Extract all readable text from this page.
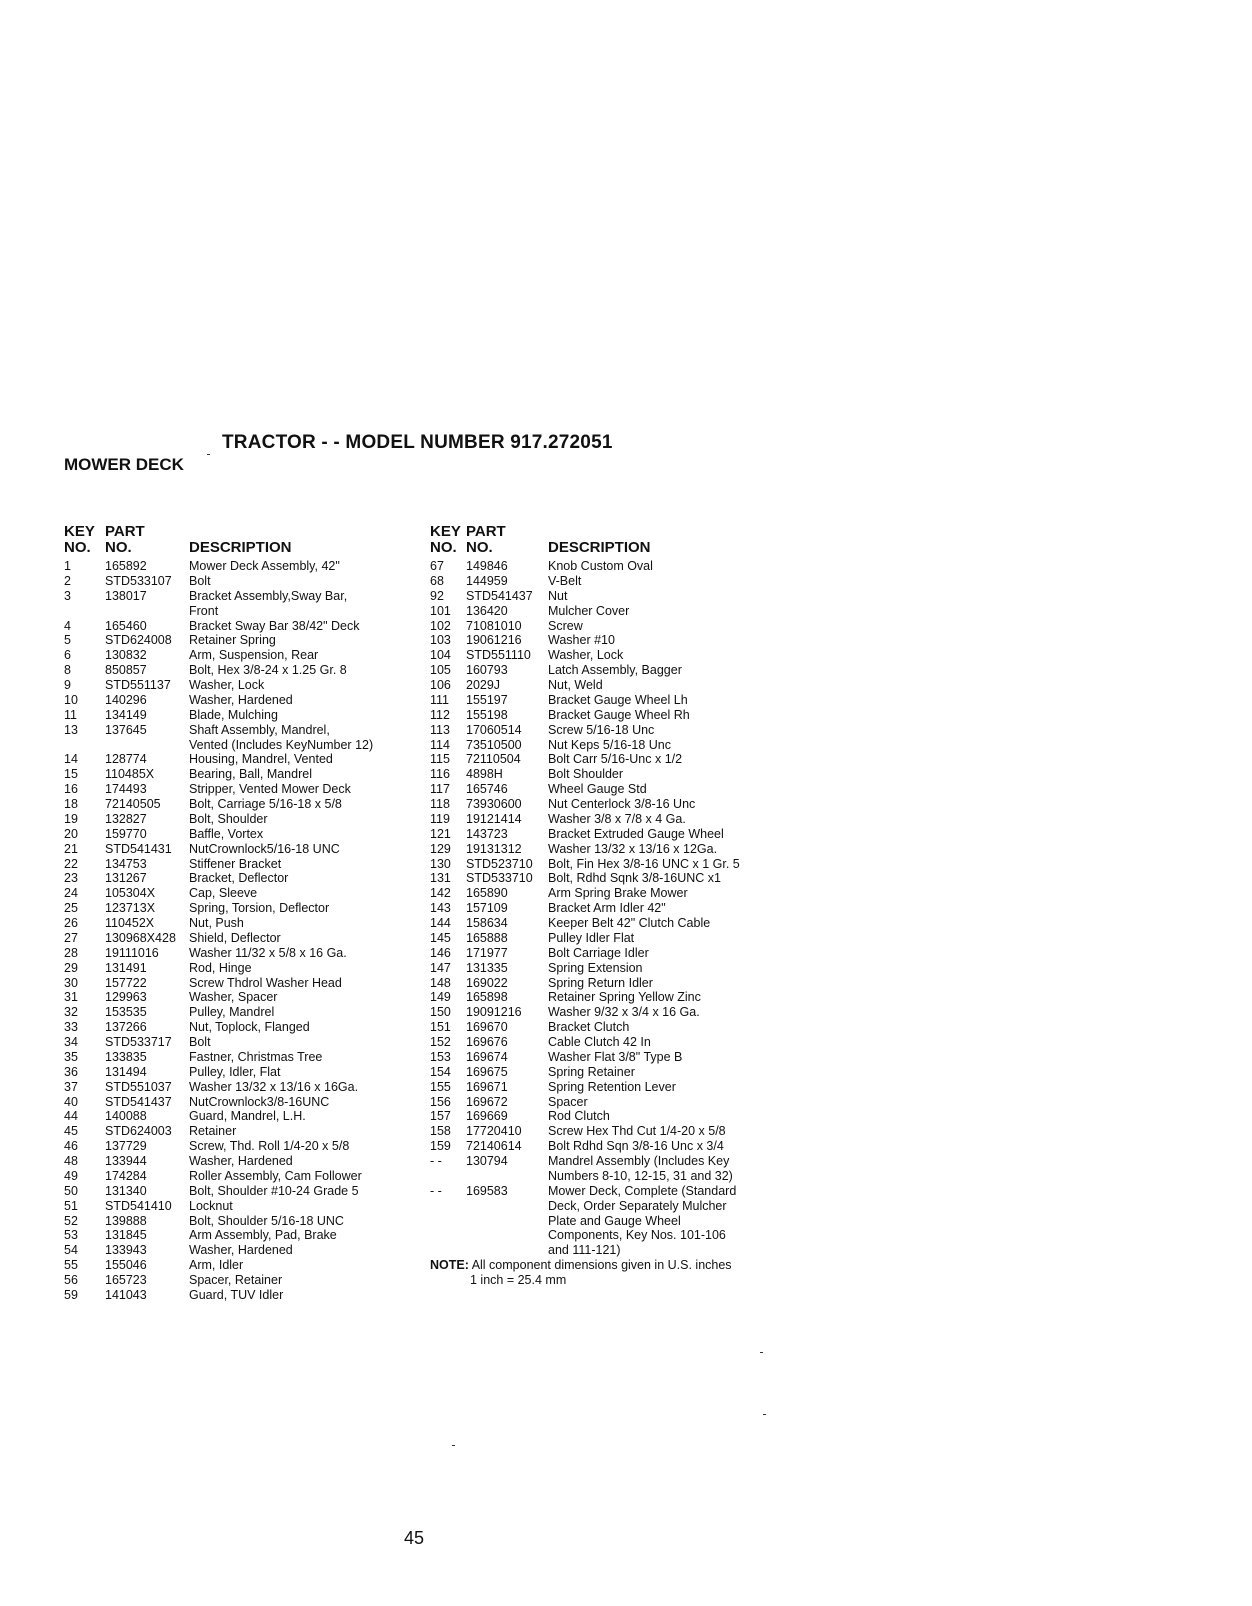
TRACTOR - - MODEL NUMBER 917.272051
MOWER DECK
KEY
NO.
PART
NO.	DESCRIPTION
1	165892	Mower Deck Assembly, 42"
2	STD533107	Bolt
3	138017	Bracket Assembly,Sway Bar,
Front
4	165460	Bracket Sway Bar 38/42" Deck
5	STD624008	Retainer Spring
6	130832	Arm, Suspension, Rear
8	850857	Bolt, Hex 3/8-24 x 1.25 Gr. 8
9	STD551137	Washer, Lock
10	140296	Washer, Hardened
11	134149	Blade, Mulching
13	137645	Shaft Assembly, Mandrel,
Vented (Includes KeyNumber 12)
14	128774	Housing, Mandrel, Vented
15	110485X	Bearing, Ball, Mandrel
16	174493	Stripper, Vented Mower Deck
18	72140505	Bolt, Carriage 5/16-18 x 5/8
19	132827	Bolt, Shoulder
20	159770	Baffle, Vortex
21	STD541431	NutCrownlock5/16-18 UNC
22	134753	Stiffener Bracket
23	131267	Bracket, Deflector
24	105304X	Cap, Sleeve
25	123713X	Spring, Torsion, Deflector
26	110452X	Nut, Push
27	130968X428	Shield, Deflector
28	19111016	Washer 11/32 x 5/8 x 16 Ga.
29	131491	Rod, Hinge
30	157722	Screw Thdrol Washer Head
31	129963	Washer, Spacer
32	153535	Pulley, Mandrel
33	137266	Nut, Toplock, Flanged
34	STD533717	Bolt
35	133835	Fastner, Christmas Tree
36	131494	Pulley, Idler, Flat
37	STD551037	Washer 13/32 x 13/16 x 16Ga.
40	STD541437	NutCrownlock3/8-16UNC
44	140088	Guard, Mandrel, L.H.
45	STD624003	Retainer
46	137729	Screw, Thd. Roll 1/4-20 x 5/8
48	133944	Washer, Hardened
49	174284	Roller Assembly, Cam Follower
50	131340	Bolt, Shoulder #10-24 Grade 5
51	STD541410	Locknut
52	139888	Bolt, Shoulder 5/16-18 UNC
53	131845	Arm Assembly, Pad, Brake
54	133943	Washer, Hardened
55	155046	Arm, Idler
56	165723	Spacer, Retainer
59	141043	Guard, TUV Idler
KEY
NO.
PART
NO.	DESCRIPTION
67	149846	Knob Custom Oval
68	144959	V-Belt
92	STD541437	Nut
101	136420	Mulcher Cover
102	71081010	Screw
103	19061216	Washer #10
104	STD551110	Washer, Lock
105	160793	Latch Assembly, Bagger
106	2029J	Nut, Weld
111	155197	Bracket Gauge Wheel Lh
112	155198	Bracket Gauge Wheel Rh
113	17060514	Screw 5/16-18 Unc
114	73510500	Nut Keps 5/16-18 Unc
115	72110504	Bolt Carr 5/16-Unc x 1/2
116	4898H	Bolt Shoulder
117	165746	Wheel Gauge Std
118	73930600	Nut Centerlock 3/8-16 Unc
119	19121414	Washer 3/8 x 7/8 x 4 Ga.
121	143723	Bracket Extruded Gauge Wheel
129	19131312	Washer 13/32 x 13/16 x 12Ga.
130	STD523710	Bolt, Fin Hex 3/8-16 UNC x 1 Gr. 5
131	STD533710	Bolt, Rdhd Sqnk 3/8-16UNC x1
142	165890	Arm Spring Brake Mower
143	157109	Bracket Arm Idler 42"
144	158634	Keeper Belt 42" Clutch Cable
145	165888	Pulley Idler Flat
146	171977	Bolt Carriage Idler
147	131335	Spring Extension
148	169022	Spring Return Idler
149	165898	Retainer Spring Yellow Zinc
150	19091216	Washer 9/32 x 3/4 x 16 Ga.
151	169670	Bracket Clutch
152	169676	Cable Clutch 42 In
153	169674	Washer Flat 3/8" Type B
154	169675	Spring Retainer
155	169671	Spring Retention Lever
156	169672	Spacer
157	169669	Rod Clutch
158	17720410	Screw Hex Thd Cut 1/4-20 x 5/8
159	72140614	Bolt Rdhd Sqn 3/8-16 Unc x 3/4
- -	130794	Mandrel Assembly (Includes Key
Numbers 8-10, 12-15, 31 and 32)
- -	169583	Mower Deck, Complete (Standard
Deck, Order Separately Mulcher
Plate and Gauge Wheel
Components, Key Nos. 101-106
and 111-121)
NOTE: All component dimensions given in U.S. inches
1 inch = 25.4 mm
45
